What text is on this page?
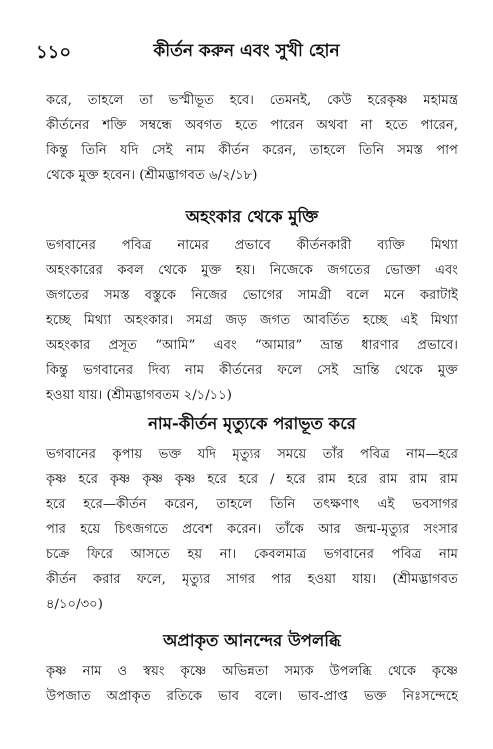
১১০	কীর্তন করুন এবং সুখী হোন
করে, তাহলে তা ভস্মীভূত হবে। তেমনই, কেউ হরেকৃষ্ণ মহামন্ত্র
কীর্তনের শক্তি সম্বন্ধে অবগত হতে পারেন অথবা না হতে পারেন,
কিন্তু তিনি যদি সেই নাম কীর্তন করেন, তাহলে তিনি সমস্ত পাপ
থেকে মুক্ত হবেন। (শ্রীমদ্ভাগবত ৬/২/১৮)
অহংকার থেকে মুক্তি
ভগবানের পবিত্র নামের প্রভাবে কীর্তনকারী ব্যক্তি মিথ্যা
অহংকারের কবল থেকে মুক্ত হয়। নিজেকে জগতের ভোক্তা এবং
জগতের সমস্ত বস্তুকে নিজের ভোগের সামগ্রী বলে মনে করাটাই
হচ্ছে মিথ্যা অহংকার। সমগ্র জড় জগত আবর্তিত হচ্ছে এই মিথ্যা
অহংকার প্রসূত “আমি” এবং “আমার” ভ্রান্ত ধারণার প্রভাবে।
কিন্তু ভগবানের দিব্য নাম কীর্তনের ফলে সেই ভ্রান্তি থেকে মুক্ত
হওয়া যায়। (শ্রীমদ্ভাগবতম ২/১/১১)
নাম-কীর্তন মৃত্যুকে পরাভূত করে
ভগবানের কৃপায় ভক্ত যদি মৃত্যুর সময়ে তাঁর পবিত্র নাম—হরে
কৃষ্ণ হরে কৃষ্ণ কৃষ্ণ কৃষ্ণ হরে হরে / হরে রাম হরে রাম রাম রাম
হরে হরে—কীর্তন করেন, তাহলে তিনি তৎক্ষণাৎ এই ভবসাগর
পার হয়ে চিৎজগতে প্রবেশ করেন। তাঁকে আর জন্ম-মৃত্যুর সংসার
চক্রে ফিরে আসতে হয় না। কেবলমাত্র ভগবানের পবিত্র নাম
কীর্তন করার ফলে, মৃত্যুর সাগর পার হওয়া যায়। (শ্রীমদ্ভাগবত
৪/১০/৩০)
অপ্রাকৃত আনন্দের উপলব্ধি
কৃষ্ণ নাম ও স্বয়ং কৃষ্ণে অভিন্নতা সম্যক উপলব্ধি থেকে কৃষ্ণে
উপজাত অপ্রাকৃত রতিকে ভাব বলে। ভাব-প্রাপ্ত ভক্ত নিঃসন্দেহে
